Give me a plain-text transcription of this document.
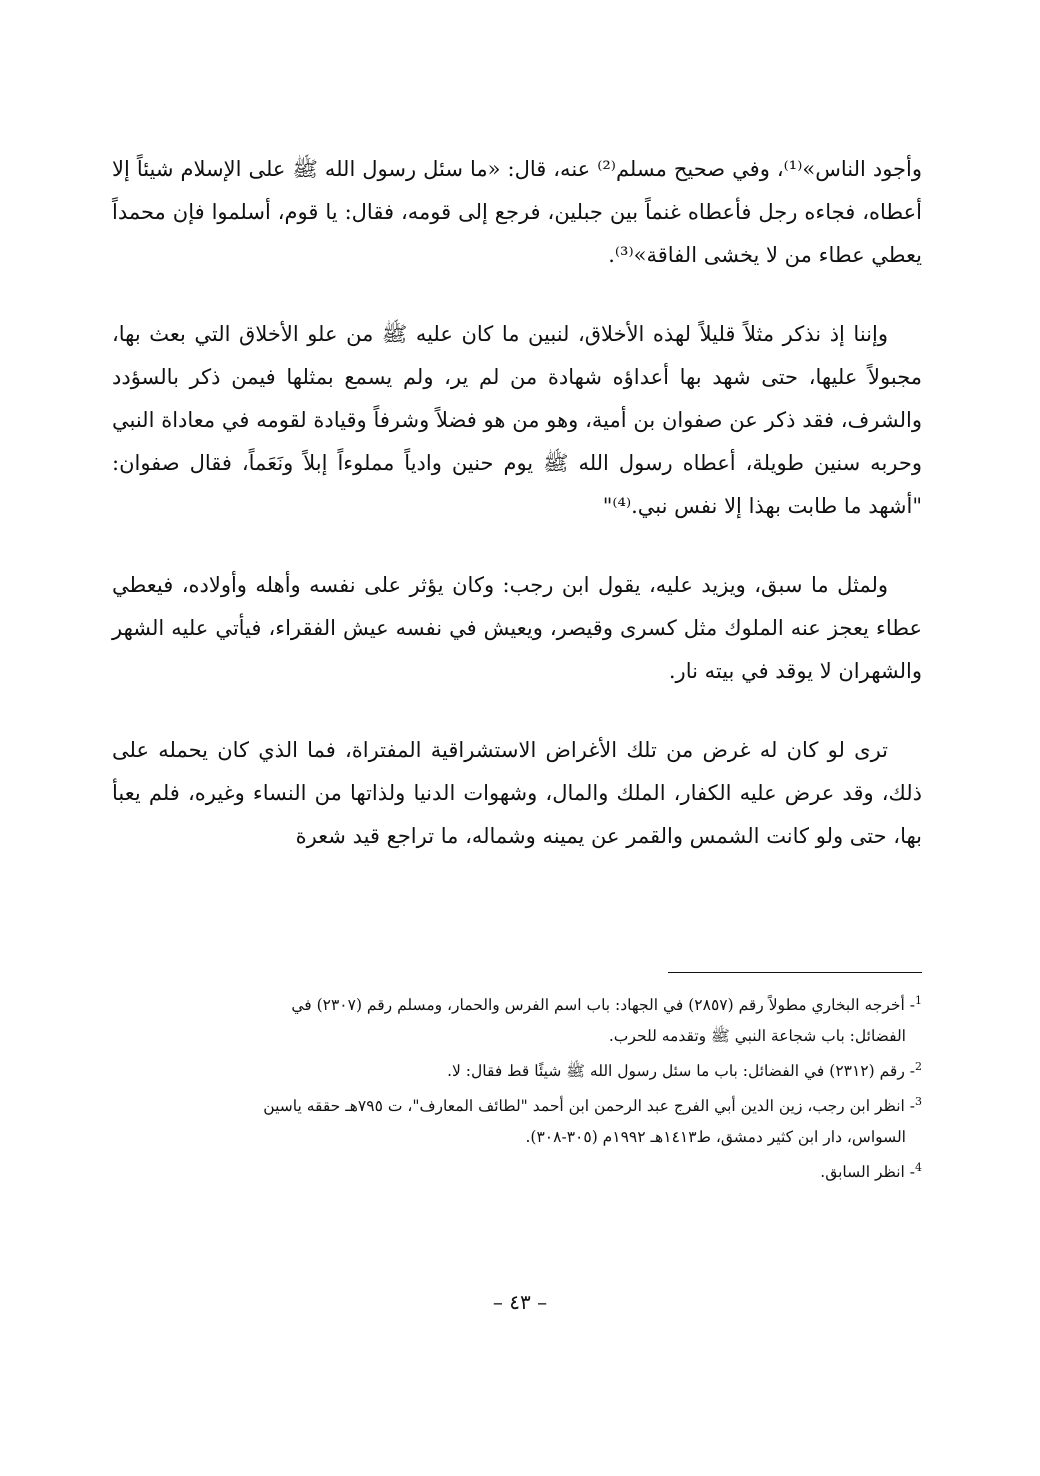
وأجود الناس»⁽¹⁾، وفي صحيح مسلم⁽²⁾ عنه، قال: «ما سئل رسول الله ﷺ على الإسلام شيئاً إلا أعطاه، فجاءه رجل فأعطاه غنماً بين جبلين، فرجع إلى قومه، فقال: يا قوم، أسلموا فإن محمداً يعطي عطاء من لا يخشى الفاقة»⁽³⁾.

وإننا إذ نذكر مثلاً قليلاً لهذه الأخلاق، لنبين ما كان عليه ﷺ من علو الأخلاق التي بعث بها، مجبولاً عليها، حتى شهد بها أعداؤه شهادة من لم ير، ولم يسمع بمثلها فيمن ذكر بالسؤدد والشرف، فقد ذكر عن صفوان بن أمية، وهو من هو فضلاً وشرفاً وقيادة لقومه في معاداة النبي وحربه سنين طويلة، أعطاه رسول الله ﷺ يوم حنين وادياً مملوءاً إبلاً ونَعَماً، فقال صفوان: "أشهد ما طابت بهذا إلا نفس نبي.⁽⁴⁾"

ولمثل ما سبق، ويزيد عليه، يقول ابن رجب: وكان يؤثر على نفسه وأهله وأولاده، فيعطي عطاء يعجز عنه الملوك مثل كسرى وقيصر، ويعيش في نفسه عيش الفقراء، فيأتي عليه الشهر والشهران لا يوقد في بيته نار.

ترى لو كان له غرض من تلك الأغراض الاستشراقية المفتراة، فما الذي كان يحمله على ذلك، وقد عرض عليه الكفار، الملك والمال، وشهوات الدنيا ولذاتها من النساء وغيره، فلم يعبأ بها، حتى ولو كانت الشمس والقمر عن يمينه وشماله، ما تراجع قيد شعرة

$^1$- أخرجه البخاري مطولاً رقم (٢٨٥٧) في الجهاد: باب اسم الفرس والحمار، ومسلم رقم (٢٣٠٧) في
الفضائل: باب شجاعة النبي ﷺ وتقدمه للحرب.
$^2$- رقم (٢٣١٢) في الفضائل: باب ما سئل رسول الله ﷺ شيئًا قط فقال: لا.
$^3$- انظر ابن رجب، زين الدين أبي الفرج عبد الرحمن ابن أحمد "لطائف المعارف"، ت ٧٩٥هـ حققه ياسين
السواس، دار ابن كثير دمشق، ط١٤١٣هـ ١٩٩٢م (٣٠٥-٣٠٨).
$^4$- انظر السابق.
– ٤٣ –
